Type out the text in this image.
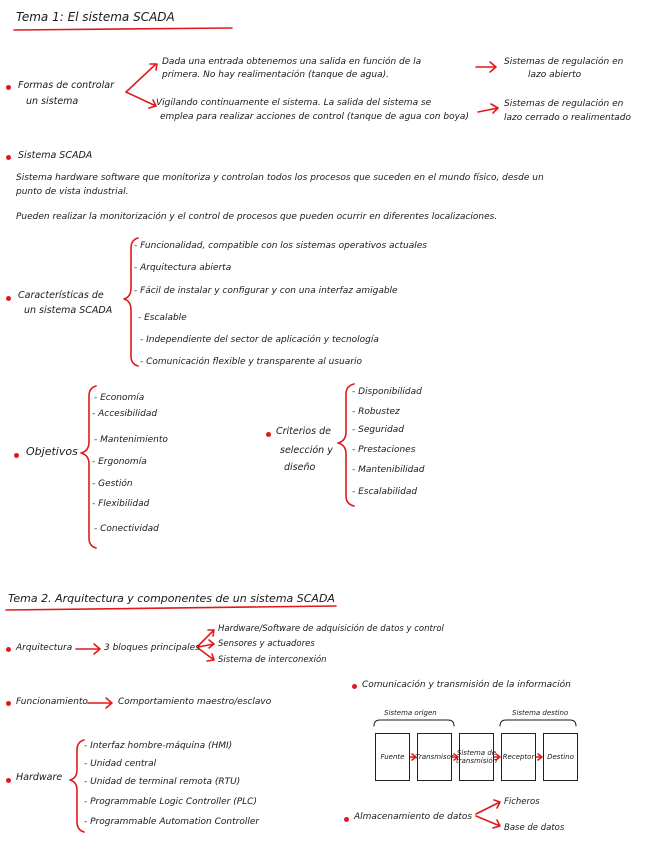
Tema 1: El sistema SCADA
Formas de controlar
un sistema
Dada una entrada obtenemos una salida en función de la
primera. No hay realimentación (tanque de agua).
Sistemas de regulación en
lazo abierto
Vigilando continuamente el sistema. La salida del sistema se
emplea para realizar acciones de control (tanque de agua con boya)
Sistemas de regulación en
lazo cerrado o realimentado
Sistema SCADA
Sistema hardware software que monitoriza y controlan todos los procesos que suceden en el mundo físico, desde un
punto de vista industrial.
Pueden realizar la monitorización y el control de procesos que pueden ocurrir en diferentes localizaciones.
Características de
un sistema SCADA
- Funcionalidad, compatible con los sistemas operativos actuales
- Arquitectura abierta
- Fácil de instalar y configurar y con una interfaz amigable
- Escalable
- Independiente del sector de aplicación y tecnología
- Comunicación flexible y transparente al usuario
Objetivos
- Economía
- Accesibilidad
- Mantenimiento
- Ergonomía
- Gestión
- Flexibilidad
- Conectividad
Criterios de
selección y
diseño
- Disponibilidad
- Robustez
- Seguridad
- Prestaciones
- Mantenibilidad
- Escalabilidad
Tema 2. Arquitectura y componentes de un sistema SCADA
Arquitectura	3 bloques principales
Hardware/Software de adquisición de datos y control
Sensores y actuadores
Sistema de interconexión
Funcionamiento	Comportamiento maestro/esclavo
Hardware
- Interfaz hombre-máquina (HMI)
- Unidad central
- Unidad de terminal remota (RTU)
- Programmable Logic Controller (PLC)
- Programmable Automation Controller
Comunicación y transmisión de la información
Sistema origen	Sistema destino
Fuente	Transmisor Sistema de transmisión Receptor	Destino
Almacenamiento de datos
Ficheros
Base de datos
